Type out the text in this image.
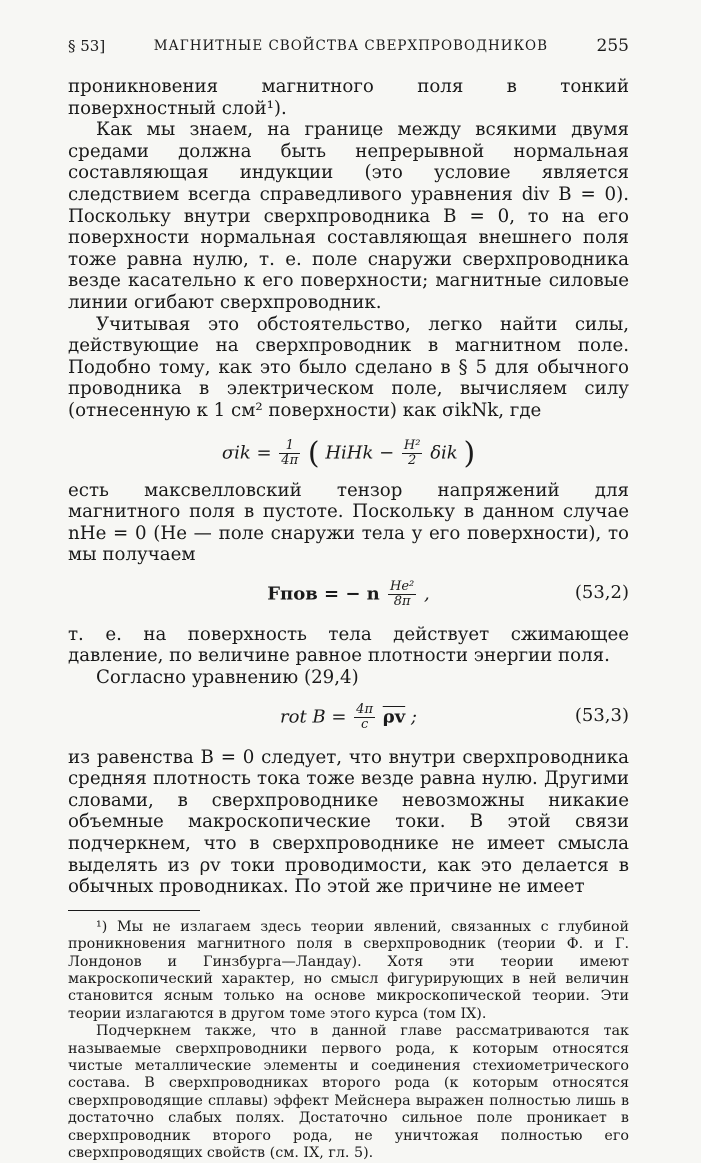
§ 53]	МАГНИТНЫЕ СВОЙСТВА СВЕРХПРОВОДНИКОВ	255

проникновения магнитного поля в тонкий поверхностный слой¹).

Как мы знаем, на границе между всякими двумя средами должна быть непрерывной нормальная составляющая индукции (это условие является следствием всегда справедливого уравнения div B = 0). Поскольку внутри сверхпроводника B = 0, то на его поверхности нормальная составляющая внешнего поля тоже равна нулю, т. е. поле снаружи сверхпроводника везде касательно к его поверхности; магнитные силовые линии огибают сверхпроводник.

Учитывая это обстоятельство, легко найти силы, действующие на сверхпроводник в магнитном поле. Подобно тому, как это было сделано в § 5 для обычного проводника в электрическом поле, вычисляем силу (отнесенную к 1 см² поверхности) как σikNk, где

$\sigma ik = \frac{1}{4\pi}$ ( HiHk − $\frac{\text{H²}}{2}$ δik )

есть максвелловский тензор напряжений для магнитного поля в пустоте. Поскольку в данном случае nHe = 0 (He — поле снаружи тела у его поверхности), то мы получаем

Fпов = − n $\frac{\text{He²}}{8\pi}$ ,	(53,2)

т. е. на поверхность тела действует сжимающее давление, по величине равное плотности энергии поля.

Согласно уравнению (29,4)

rot $B = \frac{4\pi}{c} \overline{\rho v}$ ;	(53,3)

из равенства B = 0 следует, что внутри сверхпроводника средняя плотность тока тоже везде равна нулю. Другими словами, в сверхпроводнике невозможны никакие объемные макроскопические токи. В этой связи подчеркнем, что в сверхпроводнике не имеет смысла выделять из ρv токи проводимости, как это делается в обычных проводниках. По этой же причине не имеет

¹) Мы не излагаем здесь теории явлений, связанных с глубиной проникновения магнитного поля в сверхпроводник (теории Ф. и Г. Лондонов и Гинзбурга—Ландау). Хотя эти теории имеют макроскопический характер, но смысл фигурирующих в ней величин становится ясным только на основе микроскопической теории. Эти теории излагаются в другом томе этого курса (том IX).

Подчеркнем также, что в данной главе рассматриваются так называемые сверхпроводники первого рода, к которым относятся чистые металлические элементы и соединения стехиометрического состава. В сверхпроводниках второго рода (к которым относятся сверхпроводящие сплавы) эффект Мейснера выражен полностью лишь в достаточно слабых полях. Достаточно сильное поле проникает в сверхпроводник второго рода, не уничтожая полностью его сверхпроводящих свойств (см. IX, гл. 5).
